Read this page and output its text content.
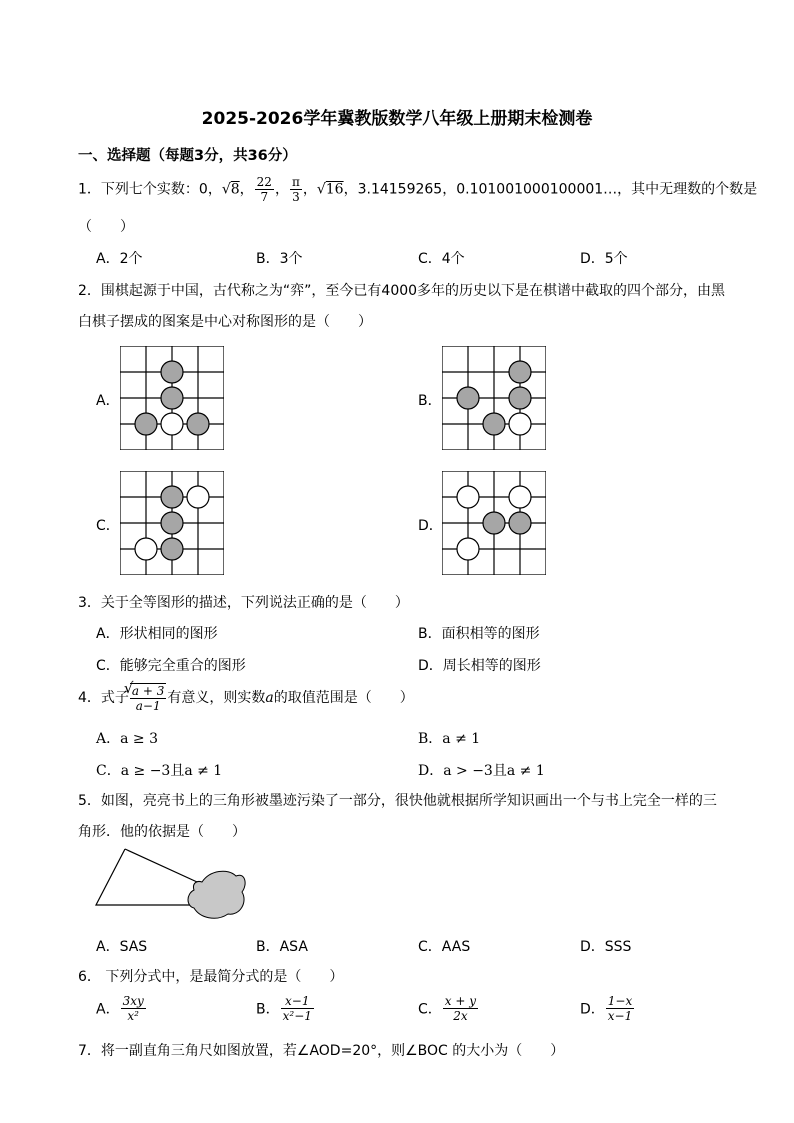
2025-2026学年冀教版数学八年级上册期末检测卷
一、选择题（每题3分，共36分）
1．下列七个实数：0，√8， $\frac{22}{7}$ ， $\frac{\pi}{3}$ ，√16，3.14159265，0.101001000100001…，其中无理数的个数是
（　　）
A．2个	B．3个	C．4个	D．5个
2．围棋起源于中国，古代称之为“弈”，至今已有4000多年的历史以下是在棋谱中截取的四个部分，由黑
白棋子摆成的图案是中心对称图形的是（　　）
A．	B．
C．	D．
3．关于全等图形的描述，下列说法正确的是（　　）
A．形状相同的图形	B．面积相等的图形
C．能够完全重合的图形	D．周长相等的图形
4．式子
√
a + 3
a−1 有意义，则实数a的取值范围是（　　）
A．a ≥ 3	B．a ≠ 1
C．a ≥ −3且a ≠ 1	D．a > −3且a ≠ 1
5．如图，亮亮书上的三角形被墨迹污染了一部分，很快他就根据所学知识画出一个与书上完全一样的三
角形．他的依据是（　　）
A．SAS	B．ASA	C．AAS	D．SSS
6． 下列分式中，是最简分式的是（　　）
A． $\frac{3xy}{\text{x²}}$	B． $\frac{x-1}{\text{x²−1}}$	C． $\frac{x + y}{2x}$	D． $\frac{1-x}{x-1}$
7．将一副直角三角尺如图放置，若∠AOD=20°，则∠BOC 的大小为（　　）
